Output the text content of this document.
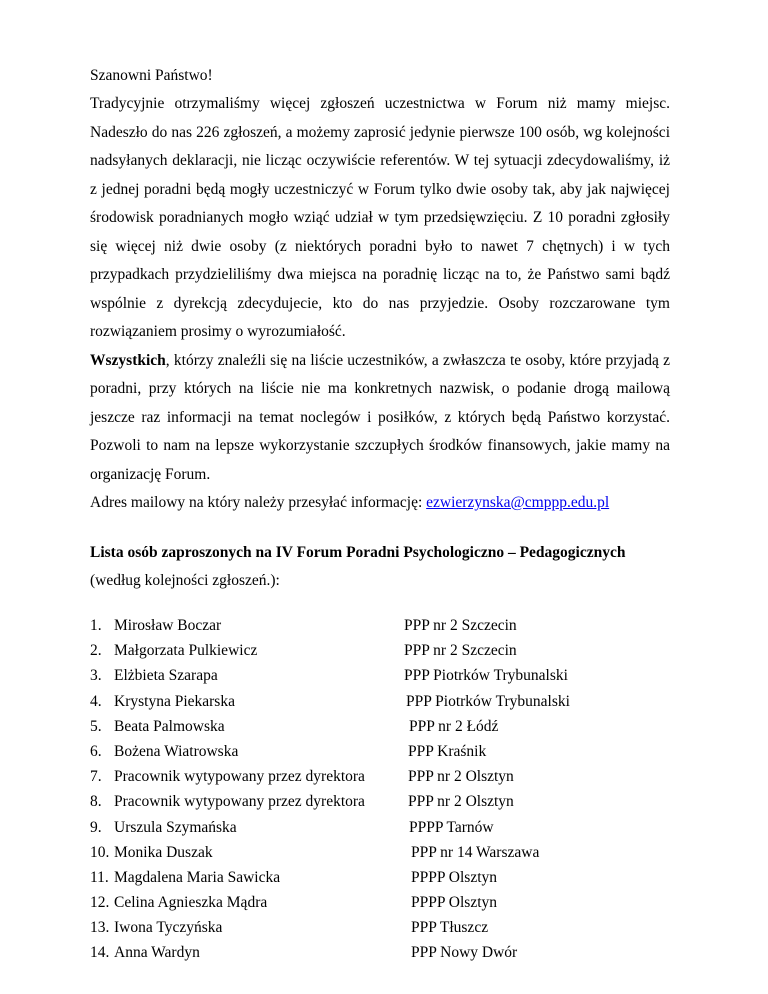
Szanowni Państwo!

Tradycyjnie otrzymaliśmy więcej zgłoszeń uczestnictwa w Forum niż mamy miejsc. Nadeszło do nas 226 zgłoszeń, a możemy zaprosić jedynie pierwsze 100 osób, wg kolejności nadsyłanych deklaracji, nie licząc oczywiście referentów. W tej sytuacji zdecydowaliśmy, iż z jednej poradni będą mogły uczestniczyć w Forum tylko dwie osoby tak, aby jak najwięcej środowisk poradnianych mogło wziąć udział w tym przedsięwzięciu. Z 10 poradni zgłosiły się więcej niż dwie osoby (z niektórych poradni było to nawet 7 chętnych) i w tych przypadkach przydzieliliśmy dwa miejsca na poradnię licząc na to, że Państwo sami bądź wspólnie z dyrekcją zdecydujecie, kto do nas przyjedzie. Osoby rozczarowane tym rozwiązaniem prosimy o wyrozumiałość.

Wszystkich, którzy znaleźli się na liście uczestników, a zwłaszcza te osoby, które przyjadą z poradni, przy których na liście nie ma konkretnych nazwisk, o podanie drogą mailową jeszcze raz informacji na temat noclegów i posiłków, z których będą Państwo korzystać. Pozwoli to nam na lepsze wykorzystanie szczupłych środków finansowych, jakie mamy na organizację Forum.

Adres mailowy na który należy przesyłać informację: ezwierzynska@cmppp.edu.pl

Lista osób zaproszonych na IV Forum Poradni Psychologiczno – Pedagogicznych

(według kolejności zgłoszeń.):

1. Mirosław Boczar	PPP nr 2 Szczecin
2. Małgorzata Pulkiewicz	PPP nr 2 Szczecin
3. Elżbieta Szarapa	PPP Piotrków Trybunalski
4. Krystyna Piekarska	PPP Piotrków Trybunalski
5. Beata Palmowska	PPP nr 2 Łódź
6. Bożena Wiatrowska	PPP Kraśnik
7. Pracownik wytypowany przez dyrektora	PPP nr 2 Olsztyn
8. Pracownik wytypowany przez dyrektora	PPP nr 2 Olsztyn
9. Urszula Szymańska	PPPP Tarnów
10. Monika Duszak	PPP nr 14 Warszawa
11. Magdalena Maria Sawicka	PPPP Olsztyn
12. Celina Agnieszka Mądra	PPPP Olsztyn
13. Iwona Tyczyńska	PPP Tłuszcz
14. Anna Wardyn	PPP Nowy Dwór
